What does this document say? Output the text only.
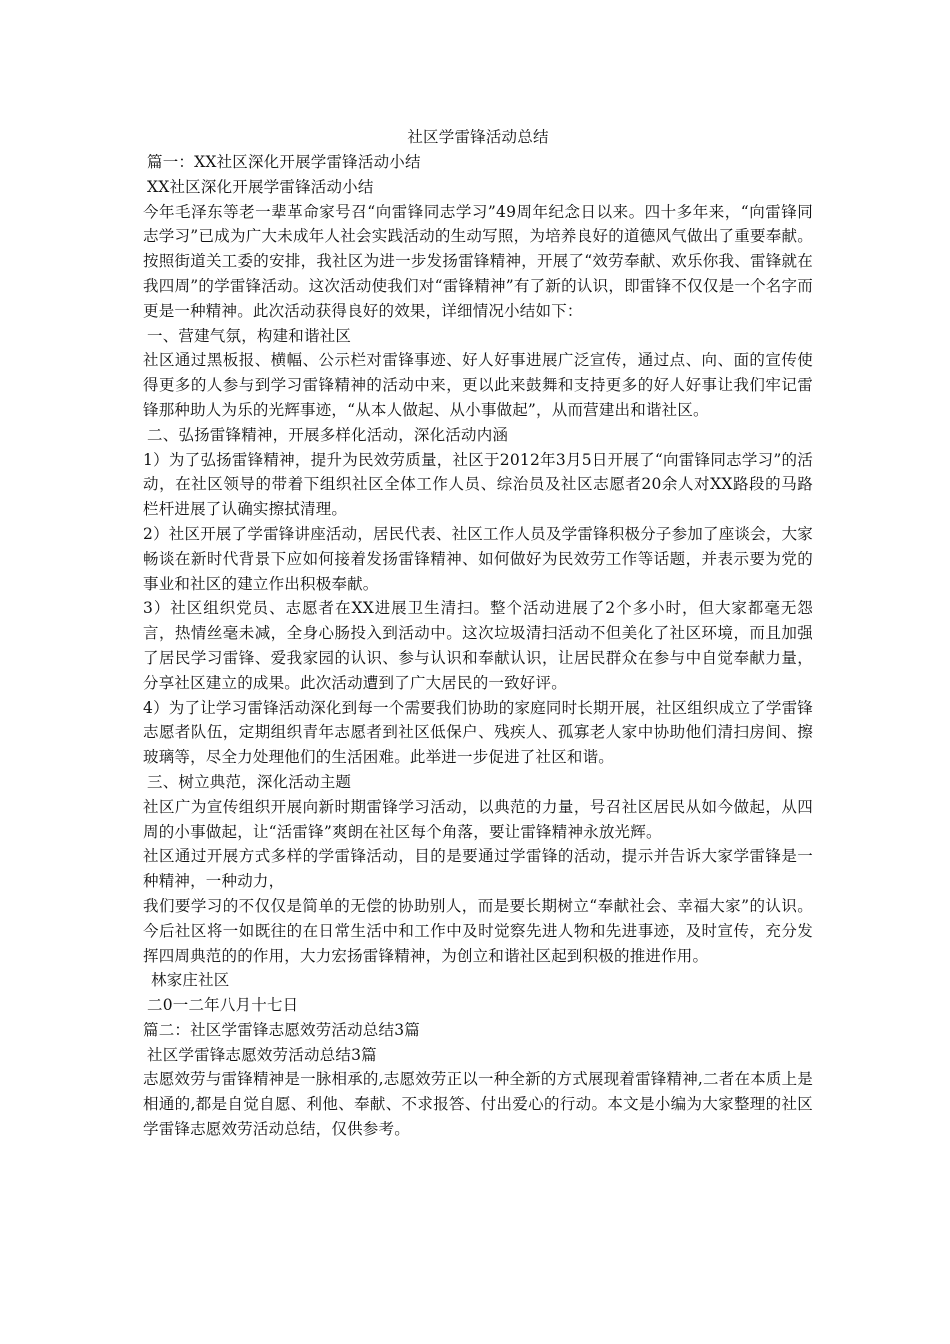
社区学雷锋活动总结

篇一：XX社区深化开展学雷锋活动小结

XX社区深化开展学雷锋活动小结

今年毛泽东等老一辈革命家号召“向雷锋同志学习”49周年纪念日以来。四十多年来，“向雷锋同志学习”已成为广大未成年人社会实践活动的生动写照，为培养良好的道德风气做出了重要奉献。按照街道关工委的安排，我社区为进一步发扬雷锋精神，开展了“效劳奉献、欢乐你我、雷锋就在我四周”的学雷锋活动。这次活动使我们对“雷锋精神”有了新的认识，即雷锋不仅仅是一个名字而更是一种精神。此次活动获得良好的效果，详细情况小结如下：

一、营建气氛，构建和谐社区

社区通过黑板报、横幅、公示栏对雷锋事迹、好人好事进展广泛宣传，通过点、向、面的宣传使得更多的人参与到学习雷锋精神的活动中来，更以此来鼓舞和支持更多的好人好事让我们牢记雷锋那种助人为乐的光辉事迹，“从本人做起、从小事做起”，从而营建出和谐社区。

二、弘扬雷锋精神，开展多样化活动，深化活动内涵

1）为了弘扬雷锋精神，提升为民效劳质量，社区于2012年3月5日开展了“向雷锋同志学习”的活动，在社区领导的带着下组织社区全体工作人员、综治员及社区志愿者20余人对XX路段的马路栏杆进展了认确实擦拭清理。

2）社区开展了学雷锋讲座活动，居民代表、社区工作人员及学雷锋积极分子参加了座谈会，大家畅谈在新时代背景下应如何接着发扬雷锋精神、如何做好为民效劳工作等话题，并表示要为党的事业和社区的建立作出积极奉献。

3）社区组织党员、志愿者在XX进展卫生清扫。整个活动进展了2个多小时，但大家都毫无怨言，热情丝毫未减，全身心肠投入到活动中。这次垃圾清扫活动不但美化了社区环境，而且加强了居民学习雷锋、爱我家园的认识、参与认识和奉献认识，让居民群众在参与中自觉奉献力量，分享社区建立的成果。此次活动遭到了广大居民的一致好评。

4）为了让学习雷锋活动深化到每一个需要我们协助的家庭同时长期开展，社区组织成立了学雷锋志愿者队伍，定期组织青年志愿者到社区低保户、残疾人、孤寡老人家中协助他们清扫房间、擦玻璃等，尽全力处理他们的生活困难。此举进一步促进了社区和谐。

三、树立典范，深化活动主题

社区广为宣传组织开展向新时期雷锋学习活动，以典范的力量，号召社区居民从如今做起，从四周的小事做起，让“活雷锋”爽朗在社区每个角落，要让雷锋精神永放光辉。

社区通过开展方式多样的学雷锋活动，目的是要通过学雷锋的活动，提示并告诉大家学雷锋是一种精神，一种动力，

我们要学习的不仅仅是简单的无偿的协助别人，而是要长期树立“奉献社会、幸福大家”的认识。今后社区将一如既往的在日常生活中和工作中及时觉察先进人物和先进事迹，及时宣传，充分发挥四周典范的的作用，大力宏扬雷锋精神，为创立和谐社区起到积极的推进作用。

林家庄社区

二0一二年八月十七日

篇二：社区学雷锋志愿效劳活动总结3篇

社区学雷锋志愿效劳活动总结3篇

志愿效劳与雷锋精神是一脉相承的,志愿效劳正以一种全新的方式展现着雷锋精神,二者在本质上是相通的,都是自觉自愿、利他、奉献、不求报答、付出爱心的行动。本文是小编为大家整理的社区学雷锋志愿效劳活动总结，仅供参考。
